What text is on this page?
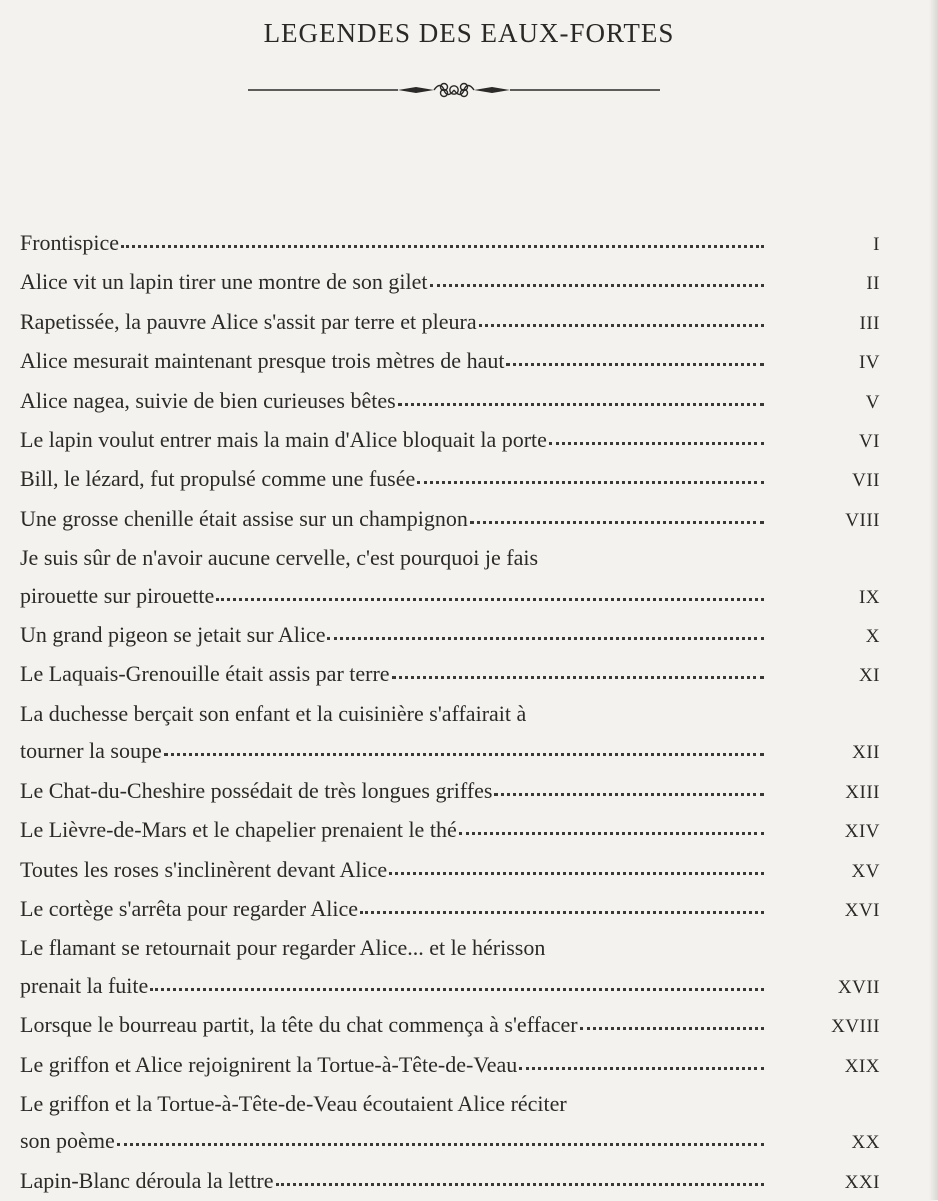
LEGENDES DES EAUX-FORTES
Frontispice	I
Alice vit un lapin tirer une montre de son gilet	II
Rapetissée, la pauvre Alice s'assit par terre et pleura	III
Alice mesurait maintenant presque trois mètres de haut	IV
Alice nagea, suivie de bien curieuses bêtes	V
Le lapin voulut entrer mais la main d'Alice bloquait la porte	VI
Bill, le lézard, fut propulsé comme une fusée	VII
Une grosse chenille était assise sur un champignon	VIII
Je suis sûr de n'avoir aucune cervelle, c'est pourquoi je fais
pirouette sur pirouette	IX
Un grand pigeon se jetait sur Alice	X
Le Laquais-Grenouille était assis par terre	XI
La duchesse berçait son enfant et la cuisinière s'affairait à
tourner la soupe	XII
Le Chat-du-Cheshire possédait de très longues griffes	XIII
Le Lièvre-de-Mars et le chapelier prenaient le thé	XIV
Toutes les roses s'inclinèrent devant Alice	XV
Le cortège s'arrêta pour regarder Alice	XVI
Le flamant se retournait pour regarder Alice... et le hérisson
prenait la fuite	XVII
Lorsque le bourreau partit, la tête du chat commença à s'effacer	XVIII
Le griffon et Alice rejoignirent la Tortue-à-Tête-de-Veau	XIX
Le griffon et la Tortue-à-Tête-de-Veau écoutaient Alice réciter
son poème	XX
Lapin-Blanc déroula la lettre	XXI
